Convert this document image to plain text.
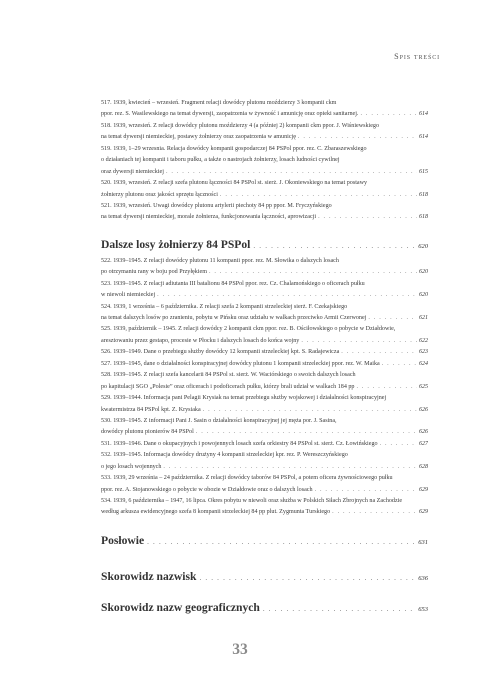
Spis treści
517. 1939, kwiecień – wrzesień. Fragment relacji dowódcy plutonu moździerzy 3 kompanii ckm
ppor. rez. S. Wasilewskiego na temat dywersji, zaopatrzenia w żywność i amunicję oraz opieki sanitarnej. . . .	614
518. 1939, wrzesień. Z relacji dowódcy plutonu moździerzy 4 (a później 2) kompanii ckm ppor. J. Wiśniewskiego
na temat dywersji niemieckiej, postawy żołnierzy oraz zaopatrzenia w amunicję . . .	614
519. 1939, 1–29 wrzesnia. Relacja dowódcy kompanii gospodarczej 84 PSPol ppor. rez. C. Zbaraszewskiego
o działaniach tej kompanii i taboru pułku, a także o nastrojach żołnierzy, losach ludności cywilnej
oraz dywersji niemieckiej . . .	615
520. 1939, wrzesień. Z relacji szefa plutonu łączności 84 PSPol st. sierż. J. Okoniewskiego na temat postawy
żołnierzy plutonu oraz jakości sprzętu łączności . . .	618
521. 1939, wrzesień. Uwagi dowódcy plutonu artylerii piechoty 84 pp ppor. M. Fryczyńskiego
na temat dywersji niemieckiej, morale żołnierza, funkcjonowania łączności, aprowizacji . . .	618
Dalsze losy żołnierzy 84 PSPol . . .	620
522. 1939–1945. Z relacji dowódcy plutonu 11 kompanii ppor. rez. M. Słowika o dalszych losach
po otrzymaniu rany w boju pod Przyłękiem . . .	620
523. 1939–1945. Z relacji adiutanta III batalionu 84 PSPol ppor. rez. Cz. Chalamońskiego o oficerach pułku
w niewoli niemieckiej . . .	620
524. 1939, 1 września – 6 października. Z relacji szefa 2 kompanii strzeleckiej sierż. F. Czekajskiego
na temat dalszych losów po zranieniu, pobytu w Pińsku oraz udziału w walkach przeciwko Armii Czerwonej . . .	621
525. 1939, październik – 1945. Z relacji dowódcy 2 kompanii ckm ppor. rez. B. Ościłowskiego o pobycie w Działdowie,
aresztowaniu przez gestapo, procesie w Płocku i dalszych losach do końca wojny . . .	622
526. 1939–1949. Dane o przebiegu służby dowódcy 12 kompanii strzeleckiej kpt. S. Radajewicza . . .	623
527. 1939–1945, dane o działalności konspiracyjnej dowódcy plutonu 1 kompanii strzeleckiej ppor. rez. W. Maika . . .	624
528. 1939–1945. Z relacji szefa kancelarii 84 PSPol st. sierż. W. Waciórskiego o swoich dalszych losach
po kapitulacji SGO „Polesie” oraz oficerach i podoficerach pułku, którzy brali udział w walkach 184 pp . . .	625
529. 1939–1944. Informacja pani Pelagii Krysiak na temat przebiegu służby wojskowej i działalności konspiracyjnej
kwatermistrza 84 PSPol kpt. Z. Krysiaka . . .	626
530. 1939–1945. Z informacji Pani J. Sasin o działalności konspiracyjnej jej męża por. J. Sasina,
dowódcy plutonu pionierów 84 PSPol . . .	626
531. 1939–1946. Dane o okupacyjnych i powojennych losach szefa orkiestry 84 PSPol st. sierż. Cz. Łowińskiego . . .	627
532. 1939–1945. Informacja dowódcy drużyny 4 kompanii strzeleckiej kpr. rez. P. Wereszczyńskiego
o jego losach wojennych . . .	628
533. 1939, 29 września – 24 października. Z relacji dowódcy taborów 84 PSPol, a potem oficera żywnościowego pułku
ppor. rez. A. Stojanowskiego o pobycie w obozie w Działdowie oraz o dalszych losach . . .	629
534. 1939, 6 października – 1947, 16 lipca. Okres pobytu w niewoli oraz służba w Polskich Siłach Zbrojnych na Zachodzie
według arkusza ewidencyjnego szefa 8 kompanii strzeleckiej 84 pp plut. Zygmunta Turskiego . . .	629
Posłowie . . .	631
Skorowidz nazwisk . . .	636
Skorowidz nazw geograficznych . . .	653
33
